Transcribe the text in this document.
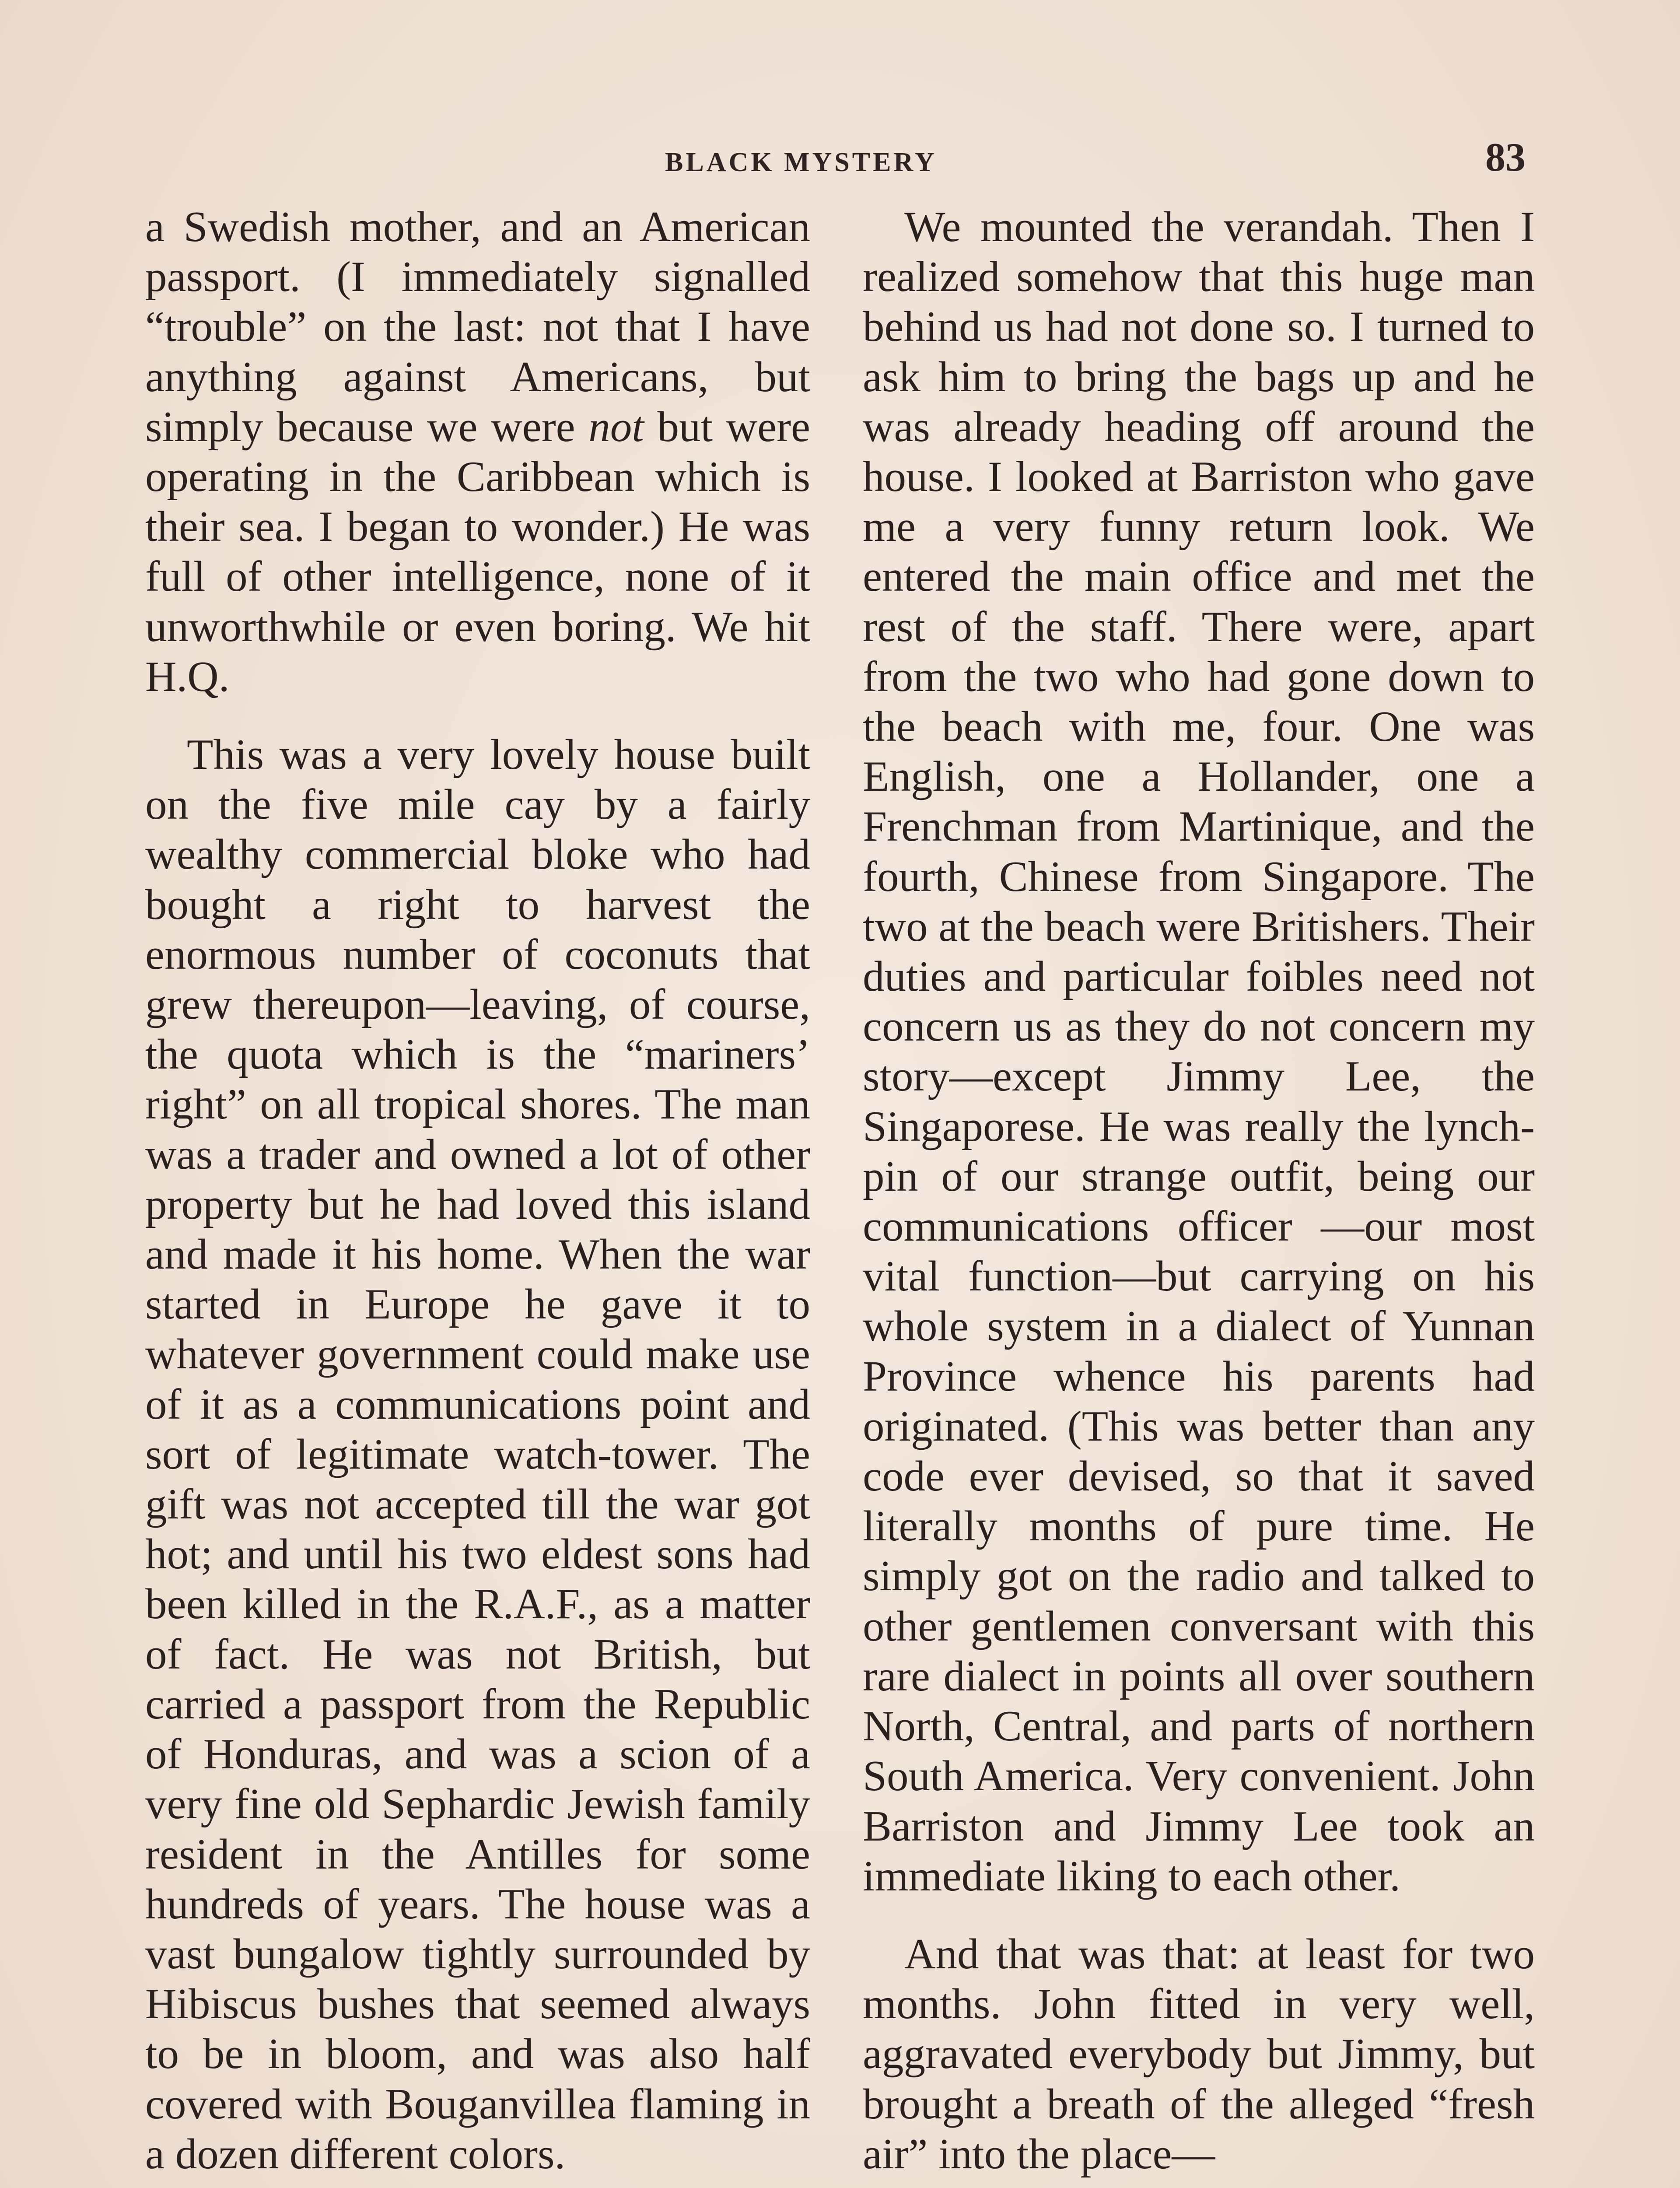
BLACK MYSTERY	83

a Swedish mother, and an American passport. (I immediately signalled “trouble” on the last: not that I have anything against Americans, but simply because we were not but were operating in the Caribbean which is their sea. I began to wonder.) He was full of other intelligence, none of it unworthwhile or even boring. We hit H.Q.

This was a very lovely house built on the five mile cay by a fairly wealthy commercial bloke who had bought a right to harvest the enormous number of coconuts that grew thereupon—leaving, of course, the quota which is the “mariners’ right” on all tropical shores. The man was a trader and owned a lot of other property but he had loved this island and made it his home. When the war started in Europe he gave it to whatever government could make use of it as a communications point and sort of legitimate watch-tower. The gift was not accepted till the war got hot; and until his two eldest sons had been killed in the R.A.F., as a matter of fact. He was not British, but carried a passport from the Republic of Honduras, and was a scion of a very fine old Sephardic Jewish family resident in the Antilles for some hundreds of years. The house was a vast bungalow tightly surrounded by Hibiscus bushes that seemed always to be in bloom, and was also half covered with Bouganvillea flaming in a dozen different colors.

We mounted the verandah. Then I realized somehow that this huge man behind us had not done so. I turned to ask him to bring the bags up and he was already heading off around the house. I looked at Barriston who gave me a very funny return look. We entered the main office and met the rest of the staff. There were, apart from the two who had gone down to the beach with me, four. One was English, one a Hollander, one a Frenchman from Martinique, and the fourth, Chinese from Singapore. The two at the beach were Britishers. Their duties and particular foibles need not concern us as they do not concern my story—except Jimmy Lee, the Singaporese. He was really the lynch-pin of our strange outfit, being our communications officer —our most vital function—but carrying on his whole system in a dialect of Yunnan Province whence his parents had originated. (This was better than any code ever devised, so that it saved literally months of pure time. He simply got on the radio and talked to other gentlemen conversant with this rare dialect in points all over southern North, Central, and parts of northern South America. Very convenient. John Barriston and Jimmy Lee took an immediate liking to each other.

And that was that: at least for two months. John fitted in very well, aggravated everybody but Jimmy, but brought a breath of the alleged “fresh air” into the place—
